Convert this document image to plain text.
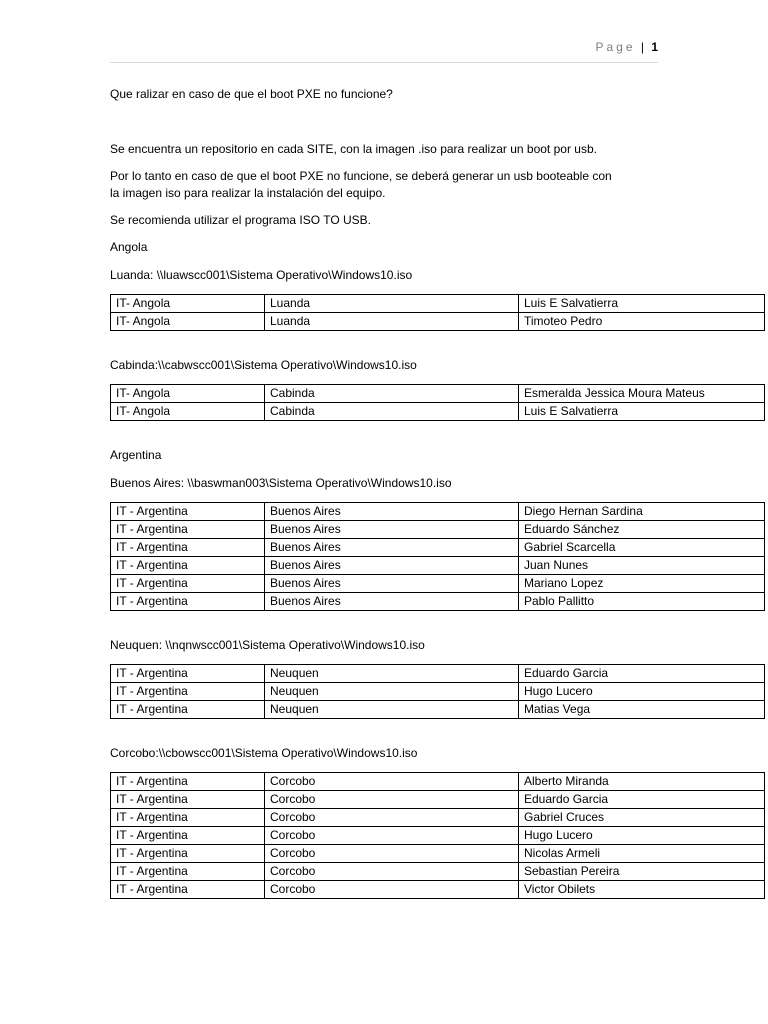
Page | 1

Que ralizar en caso de que el boot PXE no funcione?

Se encuentra un repositorio en cada SITE, con la imagen .iso para realizar un boot por usb.

Por lo tanto en caso de que el boot PXE no funcione, se deberá generar un usb booteable con
la imagen iso para realizar la instalación del equipo.

Se recomienda utilizar el programa ISO TO USB.

Angola

Luanda: \\luawscc001\Sistema Operativo\Windows10.iso

IT- Angola	Luanda	Luis E Salvatierra
IT- Angola	Luanda	Timoteo Pedro

Cabinda:\\cabwscc001\Sistema Operativo\Windows10.iso

IT- Angola	Cabinda	Esmeralda Jessica Moura Mateus
IT- Angola	Cabinda	Luis E Salvatierra

Argentina

Buenos Aires: \\baswman003\Sistema Operativo\Windows10.iso

IT - Argentina	Buenos Aires	Diego Hernan Sardina
IT - Argentina	Buenos Aires	Eduardo Sánchez
IT - Argentina	Buenos Aires	Gabriel Scarcella
IT - Argentina	Buenos Aires	Juan Nunes
IT - Argentina	Buenos Aires	Mariano Lopez
IT - Argentina	Buenos Aires	Pablo Pallitto

Neuquen: \\nqnwscc001\Sistema Operativo\Windows10.iso

IT - Argentina	Neuquen	Eduardo Garcia
IT - Argentina	Neuquen	Hugo Lucero
IT - Argentina	Neuquen	Matias Vega

Corcobo:\\cbowscc001\Sistema Operativo\Windows10.iso

IT - Argentina	Corcobo	Alberto Miranda
IT - Argentina	Corcobo	Eduardo Garcia
IT - Argentina	Corcobo	Gabriel Cruces
IT - Argentina	Corcobo	Hugo Lucero
IT - Argentina	Corcobo	Nicolas Armeli
IT - Argentina	Corcobo	Sebastian Pereira
IT - Argentina	Corcobo	Victor Obilets
